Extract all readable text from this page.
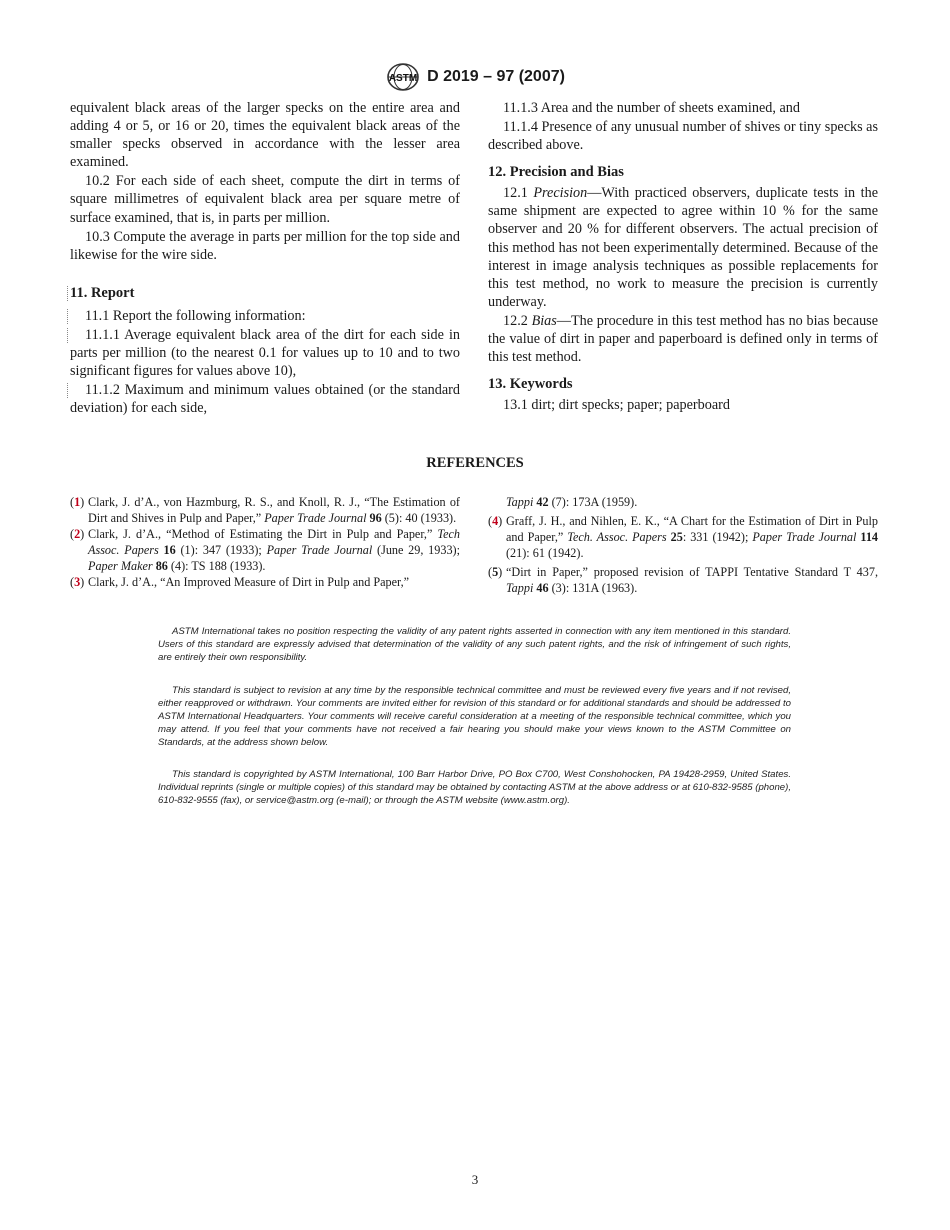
ASTM D 2019 – 97 (2007)

equivalent black areas of the larger specks on the entire area and adding 4 or 5, or 16 or 20, times the equivalent black areas of the smaller specks observed in accordance with the lesser area examined.

10.2 For each side of each sheet, compute the dirt in terms of square millimetres of equivalent black area per square metre of surface examined, that is, in parts per million.

10.3 Compute the average in parts per million for the top side and likewise for the wire side.

11. Report

11.1 Report the following information:

11.1.1 Average equivalent black area of the dirt for each side in parts per million (to the nearest 0.1 for values up to 10 and to two significant figures for values above 10),

11.1.2 Maximum and minimum values obtained (or the standard deviation) for each side,

11.1.3 Area and the number of sheets examined, and

11.1.4 Presence of any unusual number of shives or tiny specks as described above.

12. Precision and Bias

12.1 Precision—With practiced observers, duplicate tests in the same shipment are expected to agree within 10 % for the same observer and 20 % for different observers. The actual precision of this method has not been experimentally determined. Because of the interest in image analysis techniques as possible replacements for this test method, no work to measure the precision is currently underway.

12.2 Bias—The procedure in this test method has no bias because the value of dirt in paper and paperboard is defined only in terms of this test method.

13. Keywords

13.1 dirt; dirt specks; paper; paperboard

REFERENCES
(1) Clark, J. d’A., von Hazmburg, R. S., and Knoll, R. J., “The Estimation of Dirt and Shives in Pulp and Paper,” Paper Trade Journal 96 (5): 40 (1933).
(2) Clark, J. d’A., “Method of Estimating the Dirt in Pulp and Paper,” Tech Assoc. Papers 16 (1): 347 (1933); Paper Trade Journal (June 29, 1933); Paper Maker 86 (4): TS 188 (1933).
(3) Clark, J. d’A., “An Improved Measure of Dirt in Pulp and Paper,”
Tappi 42 (7): 173A (1959).
(4) Graff, J. H., and Nihlen, E. K., “A Chart for the Estimation of Dirt in Pulp and Paper,” Tech. Assoc. Papers 25: 331 (1942); Paper Trade Journal 114 (21): 61 (1942).
(5) “Dirt in Paper,” proposed revision of TAPPI Tentative Standard T 437, Tappi 46 (3): 131A (1963).

ASTM International takes no position respecting the validity of any patent rights asserted in connection with any item mentioned in this standard. Users of this standard are expressly advised that determination of the validity of any such patent rights, and the risk of infringement of such rights, are entirely their own responsibility.

This standard is subject to revision at any time by the responsible technical committee and must be reviewed every five years and if not revised, either reapproved or withdrawn. Your comments are invited either for revision of this standard or for additional standards and should be addressed to ASTM International Headquarters. Your comments will receive careful consideration at a meeting of the responsible technical committee, which you may attend. If you feel that your comments have not received a fair hearing you should make your views known to the ASTM Committee on Standards, at the address shown below.

This standard is copyrighted by ASTM International, 100 Barr Harbor Drive, PO Box C700, West Conshohocken, PA 19428-2959, United States. Individual reprints (single or multiple copies) of this standard may be obtained by contacting ASTM at the above address or at 610-832-9585 (phone), 610-832-9555 (fax), or service@astm.org (e-mail); or through the ASTM website (www.astm.org).

3
